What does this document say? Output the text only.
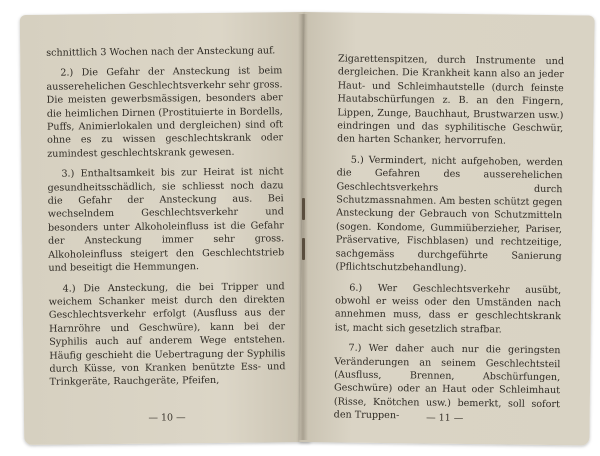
schnittlich 3 Wochen nach der Ansteckung auf.

2.) Die Gefahr der Ansteckung ist beim ausserehelichen Geschlechtsverkehr sehr gross. Die meisten gewerbsmässigen, besonders aber die heimlichen Dirnen (Prostituierte in Bordells, Puffs, Animierlokalen und dergleichen) sind oft ohne es zu wissen geschlechtskrank oder zumindest geschlechtskrank gewesen.

3.) Enthaltsamkeit bis zur Heirat ist nicht gesundheitsschädlich, sie schliesst noch dazu die Gefahr der Ansteckung aus. Bei wechselndem Geschlechtsverkehr und besonders unter Alkoholeinfluss ist die Gefahr der Ansteckung immer sehr gross. Alkoholeinfluss steigert den Geschlechtstrieb und beseitigt die Hemmungen.

4.) Die Ansteckung, die bei Tripper und weichem Schanker meist durch den direkten Geschlechtsverkehr erfolgt (Ausfluss aus der Harnröhre und Geschwüre), kann bei der Syphilis auch auf anderem Wege entstehen. Häufig geschieht die Uebertragung der Syphilis durch Küsse, von Kranken benützte Ess- und Trinkgeräte, Rauchgeräte, Pfeifen,

— 10 —

Zigarettenspitzen, durch Instrumente und dergleichen. Die Krankheit kann also an jeder Haut- und Schleimhautstelle (durch feinste Hautabschürfungen z. B. an den Fingern, Lippen, Zunge, Bauchhaut, Brustwarzen usw.) eindringen und das syphilitische Geschwür, den harten Schanker, hervorrufen.

5.) Vermindert, nicht aufgehoben, werden die Gefahren des ausserehelichen Geschlechtsverkehrs durch Schutzmassnahmen. Am besten schützt gegen Ansteckung der Gebrauch von Schutzmitteln (sogen. Kondome, Gummiüberzieher, Pariser, Präservative, Fischblasen) und rechtzeitige, sachgemäss durchgeführte Sanierung (Pflichtschutzbehandlung).

6.) Wer Geschlechtsverkehr ausübt, obwohl er weiss oder den Umständen nach annehmen muss, dass er geschlechtskrank ist, macht sich gesetzlich strafbar.

7.) Wer daher auch nur die geringsten Veränderungen an seinem Geschlechtsteil (Ausfluss, Brennen, Abschürfungen, Geschwüre) oder an Haut oder Schleimhaut (Risse, Knötchen usw.) bemerkt, soll sofort den Truppen-	— 11 —
